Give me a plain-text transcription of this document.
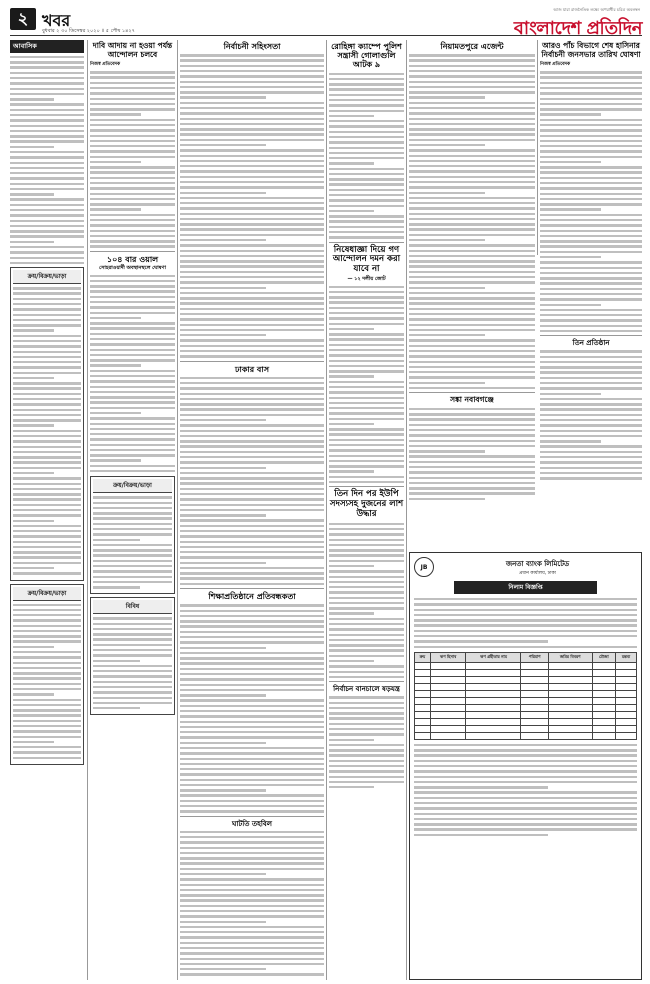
২ খবর
বুধবার ২ ৩০ ডিসেম্বর ২০২০ ॥ ৫ পৌষ ১৪২৭
আজ যারা রাজনৈতিক লক্ষ্যে অপরাধীর চরিত্র অবলম্বন
বাংলাদেশ প্রতিদিন
আবাসিক
ক্রয়/বিক্রয়/ভাড়া
ক্রয়/বিক্রয়/ভাড়া
দাবি আদায় না হওয়া পর্যন্ত আন্দোলন চলবে
নিজস্ব প্রতিবেদক
১০৪ বার ওয়াল
সোহরাওয়ার্দী অবস্থানস্থলে ঘোষণা
ক্রয়/বিক্রয়/ভাড়া
বিবিধ
নির্বাচনী সহিংসতা
ঢাকার বাস
শিক্ষাপ্রতিষ্ঠানে প্রতিবন্ধকতা
ঘাটতি তহবিল
রোহিঙ্গা ক্যাম্পে পুলিশ সন্ত্রাসী গোলাগুলি আটক ৯
নিষেধাজ্ঞা দিয়ে গণ আন্দোলন দমন করা যাবে না
— ১২ দলীয় জোট
তিন দিন পর ইউপি সদস্যসহ দুজনের লাশ উদ্ধার
নির্বাচন বানচালে ষড়যন্ত্র
নিয়ামতপুরে এজেন্ট
সঙ্কা নবাবগঞ্জে
আরও পাঁচ বিভাগে শেষ হাসিনার নির্বাচনী জনসভার তারিখ ঘোষণা
নিজস্ব প্রতিবেদক
তিন প্রতিষ্ঠান
JB	জনতা ব্যাংক লিমিটেড
প্রধান কার্যালয়, ঢাকা
নিলাম বিজ্ঞপ্তি
ক্রম	ঋণ হিসাব	ঋণ গ্রহীতার নাম	পরিমাণ	জমির বিবরণ	মৌজা	মন্তব্য
